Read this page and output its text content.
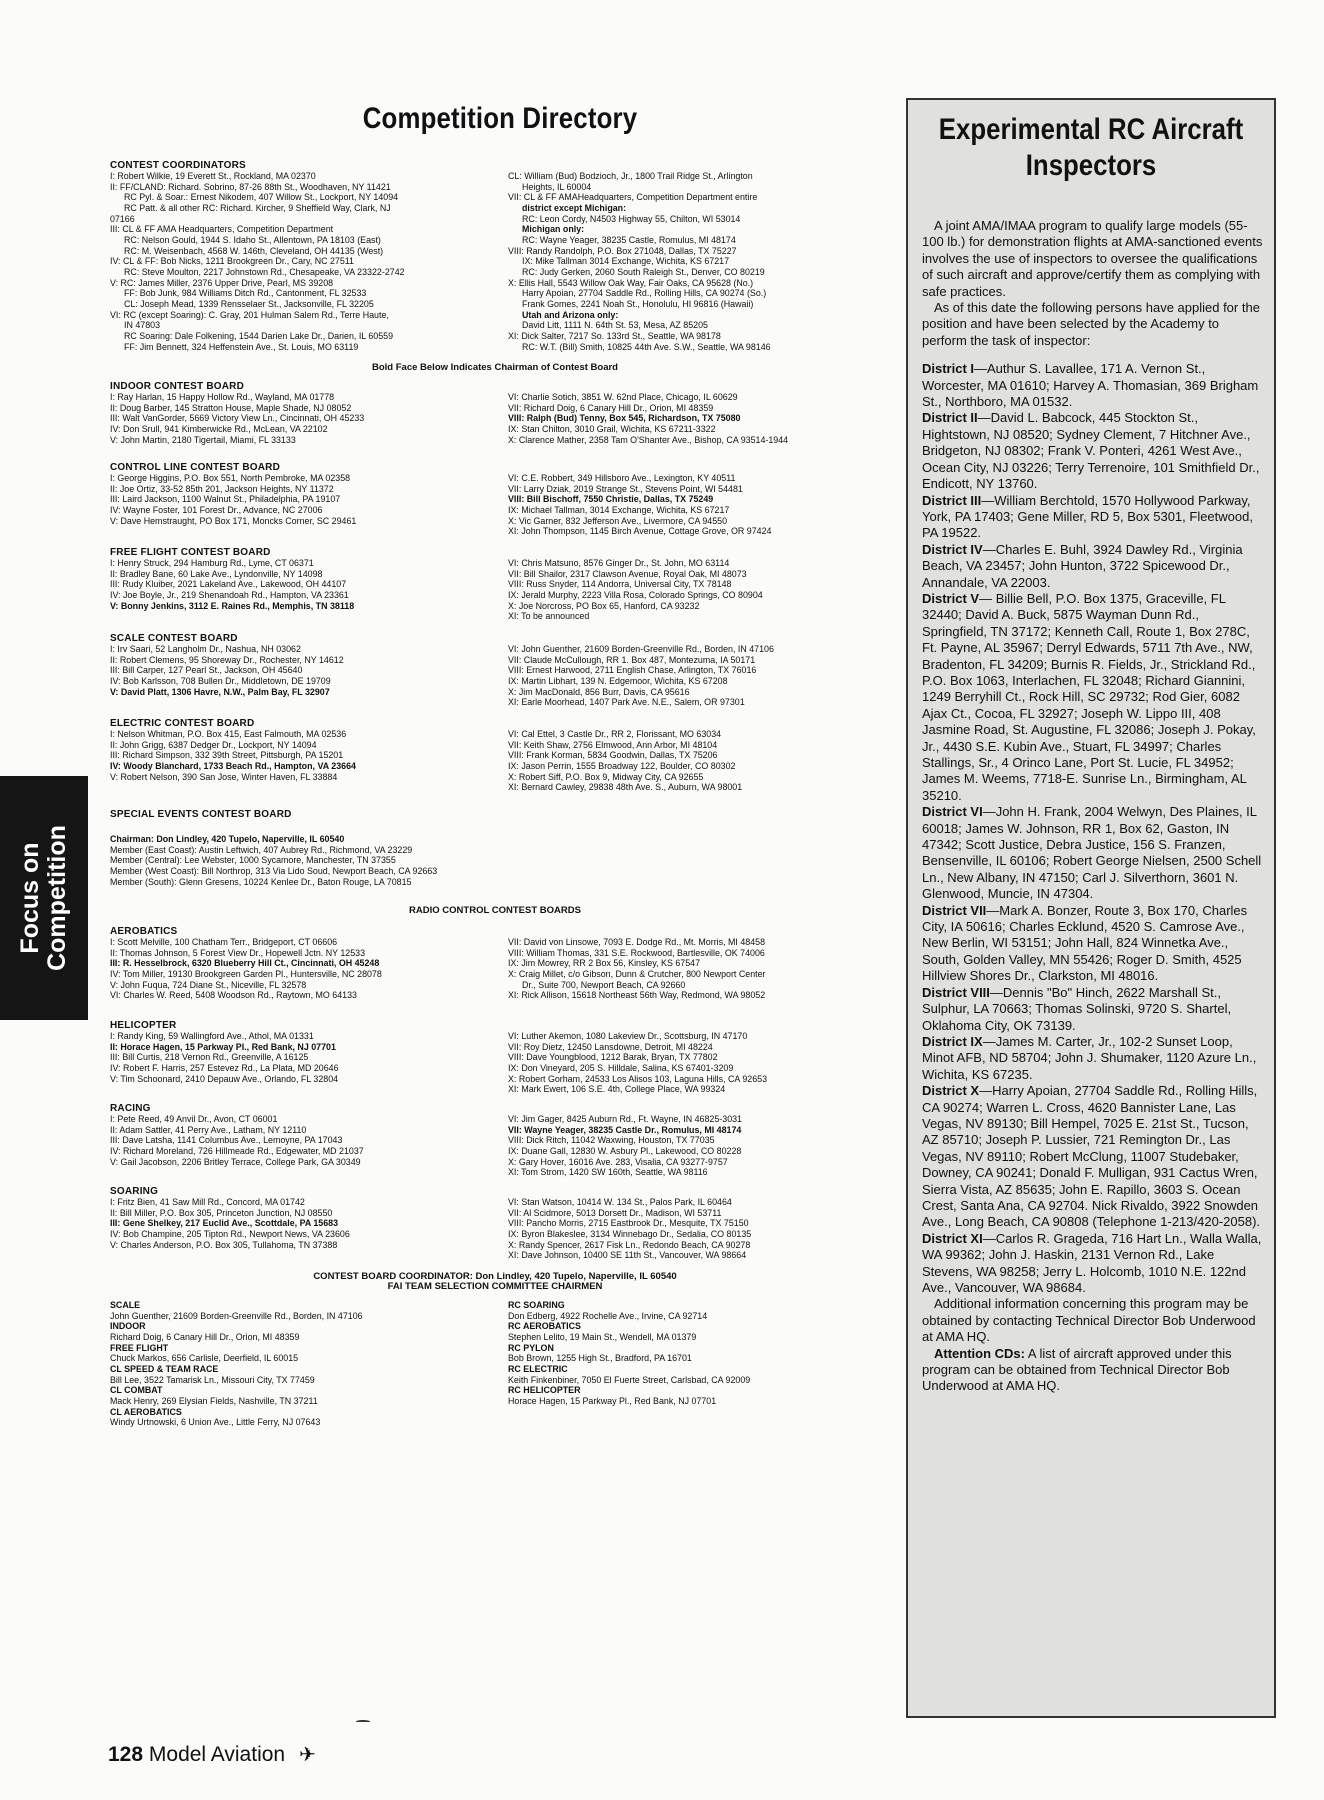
Competition Directory
CONTEST COORDINATORS
I: Robert Wilkie, 19 Everett St., Rockland, MA 02370
II: FF/CLAND: Richard. Sobrino, 87-26 88th St., Woodhaven, NY 11421
RC Pyl. & Soar.: Ernest Nikodem, 407 Willow St., Lockport, NY 14094
RC Patt. & all other RC: Richard. Kircher, 9 Sheffield Way, Clark, NJ
07166
III: CL & FF AMA Headquarters, Competition Department
RC: Nelson Gould, 1944 S. Idaho St., Allentown, PA 18103 (East)
RC: M. Weisenbach, 4568 W. 146th, Cleveland, OH 44135 (West)
IV: CL & FF: Bob Nicks, 1211 Brookgreen Dr., Cary, NC 27511
RC: Steve Moulton, 2217 Johnstown Rd., Chesapeake, VA 23322-2742
V: RC: James Miller, 2376 Upper Drive, Pearl, MS 39208
FF: Bob Junk, 984 Williams Ditch Rd., Cantonment, FL 32533
CL: Joseph Mead, 1339 Rensselaer St., Jacksonville, FL 32205
VI: RC (except Soaring): C. Gray, 201 Hulman Salem Rd., Terre Haute,
IN 47803
RC Soaring: Dale Folkening, 1544 Darien Lake Dr., Darien, IL 60559
FF: Jim Bennett, 324 Heffenstein Ave., St. Louis, MO 63119
CL: William (Bud) Bodzioch, Jr., 1800 Trail Ridge St., Arlington
Heights, IL 60004
VII: CL & FF AMAHeadquarters, Competition Department entire
district except Michigan:
RC: Leon Cordy, N4503 Highway 55, Chilton, WI 53014
Michigan only:
RC: Wayne Yeager, 38235 Castle, Romulus, MI 48174
VIII: Randy Randolph, P.O. Box 271048, Dallas, TX 75227
IX: Mike Tallman 3014 Exchange, Wichita, KS 67217
RC: Judy Gerken, 2060 South Raleigh St., Denver, CO 80219
X: Ellis Hall, 5543 Willow Oak Way, Fair Oaks, CA 95628 (No.)
Harry Apoian, 27704 Saddle Rd., Rolling Hills, CA 90274 (So.)
Frank Gomes, 2241 Noah St., Honolulu, HI 96816 (Hawaii)
Utah and Arizona only:
David Litt, 1111 N. 64th St. 53, Mesa, AZ 85205
XI: Dick Salter, 7217 So. 133rd St., Seattle, WA 98178
RC: W.T. (Bill) Smith, 10825 44th Ave. S.W., Seattle, WA 98146
Bold Face Below Indicates Chairman of Contest Board
INDOOR CONTEST BOARD
I: Ray Harlan, 15 Happy Hollow Rd., Wayland, MA 01778
II: Doug Barber, 145 Stratton House, Maple Shade, NJ 08052
III: Walt VanGorder, 5669 Victory View Ln., Cincinnati, OH 45233
IV: Don Srull, 941 Kimberwicke Rd., McLean, VA 22102
V: John Martin, 2180 Tigertail, Miami, FL 33133
VI: Charlie Sotich, 3851 W. 62nd Place, Chicago, IL 60629
VII: Richard Doig, 6 Canary Hill Dr., Orion, MI 48359
VIII: Ralph (Bud) Tenny, Box 545, Richardson, TX 75080
IX: Stan Chilton, 3010 Grail, Wichita, KS 67211-3322
X: Clarence Mather, 2358 Tam O'Shanter Ave., Bishop, CA 93514-1944
CONTROL LINE CONTEST BOARD
I: George Higgins, P.O. Box 551, North Pembroke, MA 02358
II: Joe Ortiz, 33-52 85th 201, Jackson Heights, NY 11372
III: Laird Jackson, 1100 Walnut St., Philadelphia, PA 19107
IV: Wayne Foster, 101 Forest Dr., Advance, NC 27006
V: Dave Hemstraught, PO Box 171, Moncks Corner, SC 29461
VI: C.E. Robbert, 349 Hillsboro Ave., Lexington, KY 40511
VII: Larry Dziak, 2019 Strange St., Stevens Point, WI 54481
VIII: Bill Bischoff, 7550 Christie, Dallas, TX 75249
IX: Michael Tallman, 3014 Exchange, Wichita, KS 67217
X: Vic Garner, 832 Jefferson Ave., Livermore, CA 94550
XI: John Thompson, 1145 Birch Avenue, Cottage Grove, OR 97424
FREE FLIGHT CONTEST BOARD
I: Henry Struck, 294 Hamburg Rd., Lyme, CT 06371
II: Bradley Bane, 60 Lake Ave., Lyndonville, NY 14098
III: Rudy Kluiber, 2021 Lakeland Ave., Lakewood, OH 44107
IV: Joe Boyle, Jr., 219 Shenandoah Rd., Hampton, VA 23361
V: Bonny Jenkins, 3112 E. Raines Rd., Memphis, TN 38118
VI: Chris Matsuno, 8576 Ginger Dr., St. John, MO 63114
VII: Bill Shailor, 2317 Clawson Avenue, Royal Oak, MI 48073
VIII: Russ Snyder, 114 Andorra, Universal City, TX 78148
IX: Jerald Murphy, 2223 Villa Rosa, Colorado Springs, CO 80904
X: Joe Norcross, PO Box 65, Hanford, CA 93232
XI: To be announced
SCALE CONTEST BOARD
I: Irv Saari, 52 Langholm Dr., Nashua, NH 03062
II: Robert Clemens, 95 Shoreway Dr., Rochester, NY 14612
III: Bill Carper, 127 Pearl St., Jackson, OH 45640
IV: Bob Karlsson, 708 Bullen Dr., Middletown, DE 19709
V: David Platt, 1306 Havre, N.W., Palm Bay, FL 32907
VI: John Guenther, 21609 Borden-Greenville Rd., Borden, IN 47106
VII: Claude McCullough, RR 1. Box 487, Montezuma, IA 50171
VIII: Ernest Harwood, 2711 English Chase, Arlington, TX 76016
IX: Martin Libhart, 139 N. Edgemoor, Wichita, KS 67208
X: Jim MacDonald, 856 Burr, Davis, CA 95616
XI: Earle Moorhead, 1407 Park Ave. N.E., Salem, OR 97301
ELECTRIC CONTEST BOARD
I: Nelson Whitman, P.O. Box 415, East Falmouth, MA 02536
II: John Grigg, 6387 Dedger Dr., Lockport, NY 14094
III: Richard Simpson, 332 39th Street, Pittsburgh, PA 15201
IV: Woody Blanchard, 1733 Beach Rd., Hampton, VA 23664
V: Robert Nelson, 390 San Jose, Winter Haven, FL 33884
VI: Cal Ettel, 3 Castle Dr., RR 2, Florissant, MO 63034
VII: Keith Shaw, 2756 Elmwood, Ann Arbor, MI 48104
VIII: Frank Korman, 5834 Goodwin, Dallas, TX 75206
IX: Jason Perrin, 1555 Broadway 122, Boulder, CO 80302
X: Robert Siff, P.O. Box 9, Midway City, CA 92655
XI: Bernard Cawley, 29838 48th Ave. S., Auburn, WA 98001
SPECIAL EVENTS CONTEST BOARD
Chairman: Don Lindley, 420 Tupelo, Naperville, IL 60540
Member (East Coast): Austin Leftwich, 407 Aubrey Rd., Richmond, VA 23229
Member (Central): Lee Webster, 1000 Sycamore, Manchester, TN 37355
Member (West Coast): Bill Northrop, 313 Via Lido Soud, Newport Beach, CA 92663
Member (South): Glenn Gresens, 10224 Kenlee Dr., Baton Rouge, LA 70815
RADIO CONTROL CONTEST BOARDS
AEROBATICS
I: Scott Melville, 100 Chatham Terr., Bridgeport, CT 06606
II: Thomas Johnson, 5 Forest View Dr., Hopewell Jctn. NY 12533
III: R. Hesselbrock, 6320 Blueberry Hill Ct., Cincinnati, OH 45248
IV: Tom Miller, 19130 Brookgreen Garden Pl., Huntersville, NC 28078
V: John Fuqua, 724 Diane St., Niceville, FL 32578
VI: Charles W. Reed, 5408 Woodson Rd., Raytown, MO 64133
VII: David von Linsowe, 7093 E. Dodge Rd., Mt. Morris, MI 48458
VIII: William Thomas, 331 S.E. Rockwood, Bartlesville, OK 74006
IX: Jim Mowrey, RR 2 Box 56, Kinsley, KS 67547
X: Craig Millet, c/o Gibson, Dunn & Crutcher, 800 Newport Center
Dr., Suite 700, Newport Beach, CA 92660
XI: Rick Allison, 15618 Northeast 56th Way, Redmond, WA 98052
HELICOPTER
I: Randy King, 59 Wallingford Ave., Athol, MA 01331
II: Horace Hagen, 15 Parkway Pl., Red Bank, NJ 07701
III: Bill Curtis, 218 Vernon Rd., Greenville, A 16125
IV: Robert F. Harris, 257 Estevez Rd., La Plata, MD 20646
V: Tim Schoonard, 2410 Depauw Ave., Orlando, FL 32804
VI: Luther Akemon, 1080 Lakeview Dr., Scottsburg, IN 47170
VII: Roy Dietz, 12450 Lansdowne, Detroit, MI 48224
VIII: Dave Youngblood, 1212 Barak, Bryan, TX 77802
IX: Don Vineyard, 205 S. Hilldale, Salina, KS 67401-3209
X: Robert Gorham, 24533 Los Alisos 103, Laguna Hills, CA 92653
XI: Mark Ewert, 106 S.E. 4th, College Place, WA 99324
RACING
I: Pete Reed, 49 Anvil Dr., Avon, CT 06001
II: Adam Sattler, 41 Perry Ave., Latham, NY 12110
III: Dave Latsha, 1141 Columbus Ave., Lemoyne, PA 17043
IV: Richard Moreland, 726 Hillmeade Rd., Edgewater, MD 21037
V: Gail Jacobson, 2206 Britley Terrace, College Park, GA 30349
VI: Jim Gager, 8425 Auburn Rd., Ft. Wayne, IN 46825-3031
VII: Wayne Yeager, 38235 Castle Dr., Romulus, MI 48174
VIII: Dick Ritch, 11042 Waxwing, Houston, TX 77035
IX: Duane Gall, 12830 W. Asbury Pl., Lakewood, CO 80228
X: Gary Hover, 16016 Ave. 283, Visalia, CA 93277-9757
XI: Tom Strom, 1420 SW 160th, Seattle, WA 98116
SOARING
I: Fritz Bien, 41 Saw Mill Rd., Concord, MA 01742
II: Bill Miller, P.O. Box 305, Princeton Junction, NJ 08550
III: Gene Shelkey, 217 Euclid Ave., Scottdale, PA 15683
IV: Bob Champine, 205 Tipton Rd., Newport News, VA 23606
V: Charles Anderson, P.O. Box 305, Tullahoma, TN 37388
VI: Stan Watson, 10414 W. 134 St., Palos Park, IL 60464
VII: Al Scidmore, 5013 Dorsett Dr., Madison, WI 53711
VIII: Pancho Morris, 2715 Eastbrook Dr., Mesquite, TX 75150
IX: Byron Blakeslee, 3134 Winnebago Dr., Sedalia, CO 80135
X: Randy Spencer, 2617 Fisk Ln., Redondo Beach, CA 90278
XI: Dave Johnson, 10400 SE 11th St., Vancouver, WA 98664
CONTEST BOARD COORDINATOR: Don Lindley, 420 Tupelo, Naperville, IL 60540
FAI TEAM SELECTION COMMITTEE CHAIRMEN
SCALE
John Guenther, 21609 Borden-Greenville Rd., Borden, IN 47106
INDOOR
Richard Doig, 6 Canary Hill Dr., Orion, MI 48359
FREE FLIGHT
Chuck Markos, 656 Carlisle, Deerfield, IL 60015
CL SPEED & TEAM RACE
Bill Lee, 3522 Tamarisk Ln., Missouri City, TX 77459
CL COMBAT
Mack Henry, 269 Elysian Fields, Nashville, TN 37211
CL AEROBATICS
Windy Urtnowski, 6 Union Ave., Little Ferry, NJ 07643
RC SOARING
Don Edberg, 4922 Rochelle Ave., Irvine, CA 92714
RC AEROBATICS
Stephen Lelito, 19 Main St., Wendell, MA 01379
RC PYLON
Bob Brown, 1255 High St., Bradford, PA 16701
RC ELECTRIC
Keith Finkenbiner, 7050 El Fuerte Street, Carlsbad, CA 92009
RC HELICOPTER
Horace Hagen, 15 Parkway Pl., Red Bank, NJ 07701
Experimental RC Aircraft
Inspectors

A joint AMA/IMAA program to qualify large models (55-100 lb.) for demonstration flights at AMA-sanctioned events involves the use of inspectors to oversee the qualifications of such aircraft and approve/certify them as complying with safe practices.

As of this date the following persons have applied for the position and have been selected by the Academy to perform the task of inspector:

District I—Authur S. Lavallee, 171 A. Vernon St., Worcester, MA 01610; Harvey A. Thomasian, 369 Brigham St., Northboro, MA 01532.

District II—David L. Babcock, 445 Stockton St., Hightstown, NJ 08520; Sydney Clement, 7 Hitchner Ave., Bridgeton, NJ 08302; Frank V. Ponteri, 4261 West Ave., Ocean City, NJ 03226; Terry Terrenoire, 101 Smithfield Dr., Endicott, NY 13760.

District III—William Berchtold, 1570 Hollywood Parkway, York, PA 17403; Gene Miller, RD 5, Box 5301, Fleetwood, PA 19522.

District IV—Charles E. Buhl, 3924 Dawley Rd., Virginia Beach, VA 23457; John Hunton, 3722 Spicewood Dr., Annandale, VA 22003.

District V— Billie Bell, P.O. Box 1375, Graceville, FL 32440; David A. Buck, 5875 Wayman Dunn Rd., Springfield, TN 37172; Kenneth Call, Route 1, Box 278C, Ft. Payne, AL 35967; Derryl Edwards, 5711 7th Ave., NW, Bradenton, FL 34209; Burnis R. Fields, Jr., Strickland Rd., P.O. Box 1063, Interlachen, FL 32048; Richard Giannini, 1249 Berryhill Ct., Rock Hill, SC 29732; Rod Gier, 6082 Ajax Ct., Cocoa, FL 32927; Joseph W. Lippo III, 408 Jasmine Road, St. Augustine, FL 32086; Joseph J. Pokay, Jr., 4430 S.E. Kubin Ave., Stuart, FL 34997; Charles Stallings, Sr., 4 Orinco Lane, Port St. Lucie, FL 34952; James M. Weems, 7718-E. Sunrise Ln., Birmingham, AL 35210.

District VI—John H. Frank, 2004 Welwyn, Des Plaines, IL 60018; James W. Johnson, RR 1, Box 62, Gaston, IN 47342; Scott Justice, Debra Justice, 156 S. Franzen, Bensenville, IL 60106; Robert George Nielsen, 2500 Schell Ln., New Albany, IN 47150; Carl J. Silverthorn, 3601 N. Glenwood, Muncie, IN 47304.

District VII—Mark A. Bonzer, Route 3, Box 170, Charles City, IA 50616; Charles Ecklund, 4520 S. Camrose Ave., New Berlin, WI 53151; John Hall, 824 Winnetka Ave., South, Golden Valley, MN 55426; Roger D. Smith, 4525 Hillview Shores Dr., Clarkston, MI 48016.

District VIII—Dennis "Bo" Hinch, 2622 Marshall St., Sulphur, LA 70663; Thomas Solinski, 9720 S. Shartel, Oklahoma City, OK 73139.

District IX—James M. Carter, Jr., 102-2 Sunset Loop, Minot AFB, ND 58704; John J. Shumaker, 1120 Azure Ln., Wichita, KS 67235.

District X—Harry Apoian, 27704 Saddle Rd., Rolling Hills, CA 90274; Warren L. Cross, 4620 Bannister Lane, Las Vegas, NV 89130; Bill Hempel, 7025 E. 21st St., Tucson, AZ 85710; Joseph P. Lussier, 721 Remington Dr., Las Vegas, NV 89110; Robert McClung, 11007 Studebaker, Downey, CA 90241; Donald F. Mulligan, 931 Cactus Wren, Sierra Vista, AZ 85635; John E. Rapillo, 3603 S. Ocean Crest, Santa Ana, CA 92704. Nick Rivaldo, 3922 Snowden Ave., Long Beach, CA 90808 (Telephone 1-213/420-2058).

District XI—Carlos R. Grageda, 716 Hart Ln., Walla Walla, WA 99362; John J. Haskin, 2131 Vernon Rd., Lake Stevens, WA 98258; Jerry L. Holcomb, 1010 N.E. 122nd Ave., Vancouver, WA 98684.

Additional information concerning this program may be obtained by contacting Technical Director Bob Underwood at AMA HQ.

Attention CDs: A list of aircraft approved under this program can be obtained from Technical Director Bob Underwood at AMA HQ.

Focus on Competition
128 Model Aviation ✈
